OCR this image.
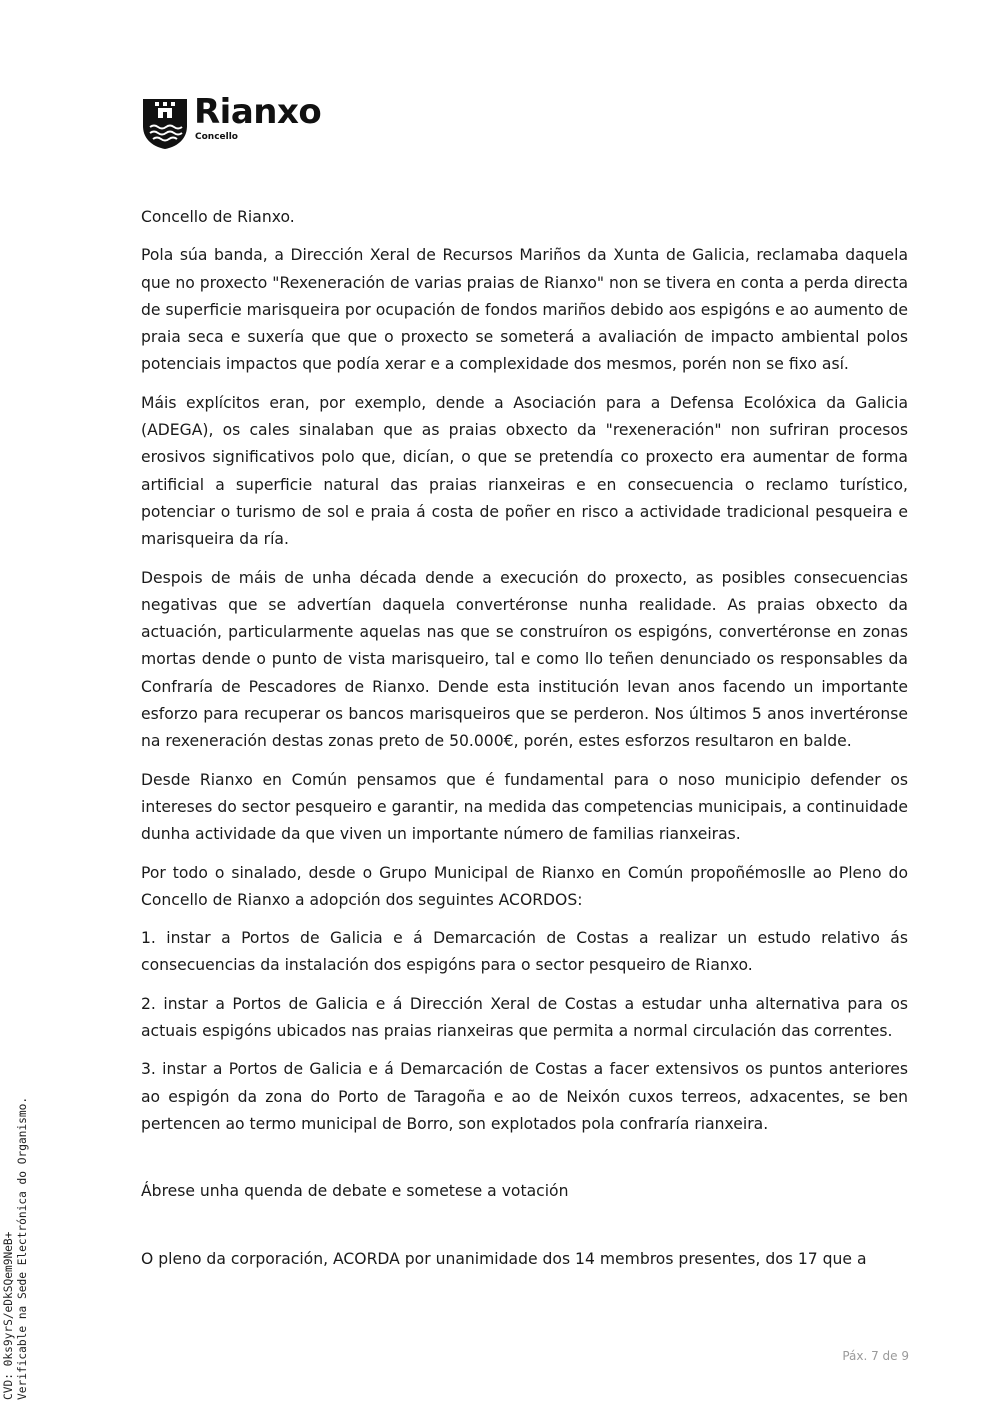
Rianxo
Concello

Concello de Rianxo.

Pola súa banda, a Dirección Xeral de Recursos Mariños da Xunta de Galicia, reclamaba daquela que no proxecto "Rexeneración de varias praias de Rianxo" non se tivera en conta a perda directa de superficie marisqueira por ocupación de fondos mariños debido aos espigóns e ao aumento de praia seca e suxería que que o proxecto se someterá a avaliación de impacto ambiental polos potenciais impactos que podía xerar e a complexidade dos mesmos, porén non se fixo así.

Máis explícitos eran, por exemplo, dende a Asociación para a Defensa Ecolóxica da Galicia (ADEGA), os cales sinalaban que as praias obxecto da "rexeneración" non sufriran procesos erosivos significativos polo que, dicían, o que se pretendía co proxecto era aumentar de forma artificial a superficie natural das praias rianxeiras e en consecuencia o reclamo turístico, potenciar o turismo de sol e praia á costa de poñer en risco a actividade tradicional pesqueira e marisqueira da ría.

Despois de máis de unha década dende a execución do proxecto, as posibles consecuencias negativas que se advertían daquela convertéronse nunha realidade. As praias obxecto da actuación, particularmente aquelas nas que se construíron os espigóns, convertéronse en zonas mortas dende o punto de vista marisqueiro, tal e como llo teñen denunciado os responsables da Confraría de Pescadores de Rianxo. Dende esta institución levan anos facendo un importante esforzo para recuperar os bancos marisqueiros que se perderon. Nos últimos 5 anos invertéronse na rexeneración destas zonas preto de 50.000€, porén, estes esforzos resultaron en balde.

Desde Rianxo en Común pensamos que é fundamental para o noso municipio defender os intereses do sector pesqueiro e garantir, na medida das competencias municipais, a continuidade dunha actividade da que viven un importante número de familias rianxeiras.

Por todo o sinalado, desde o Grupo Municipal de Rianxo en Común propoñémoslle ao Pleno do Concello de Rianxo a adopción dos seguintes ACORDOS:

1. instar a Portos de Galicia e á Demarcación de Costas a realizar un estudo relativo ás consecuencias da instalación dos espigóns para o sector pesqueiro de Rianxo.

2. instar a Portos de Galicia e á Dirección Xeral de Costas a estudar unha alternativa para os actuais espigóns ubicados nas praias rianxeiras que permita a normal circulación das correntes.

3. instar a Portos de Galicia e á Demarcación de Costas a facer extensivos os puntos anteriores ao espigón da zona do Porto de Taragoña e ao de Neixón cuxos terreos, adxacentes, se ben pertencen ao termo municipal de Borro, son explotados pola confraría rianxeira.

Ábrese unha quenda de debate e sometese a votación

O pleno da corporación, ACORDA por unanimidade dos 14 membros presentes, dos 17 que a

CVD: 0ks9yrS/eDkSQem9NeB+ Verificable na Sede Electrónica do Organismo.	Páx. 7 de 9
